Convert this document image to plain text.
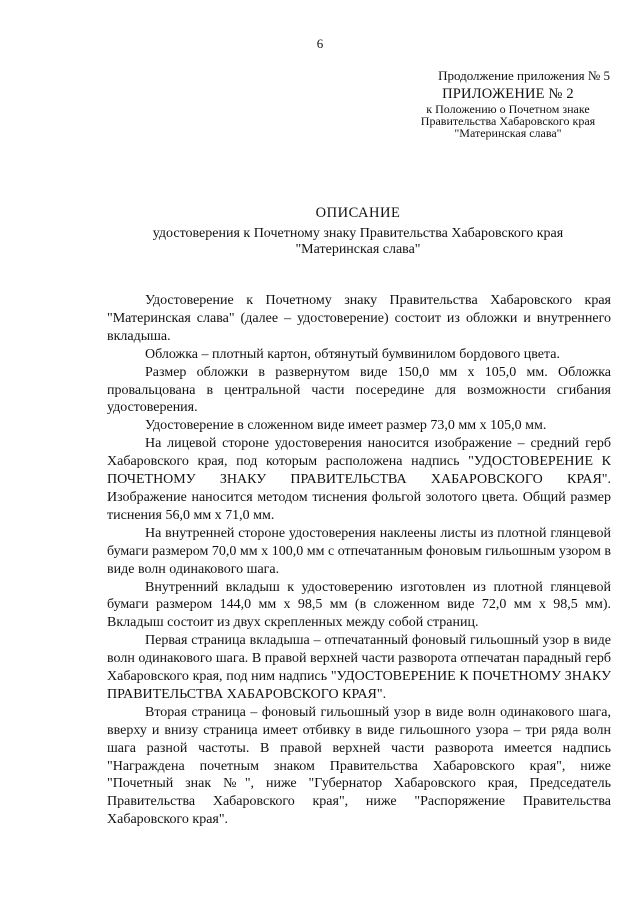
6
Продолжение приложения № 5
ПРИЛОЖЕНИЕ № 2
к Положению о Почетном знаке
Правительства Хабаровского края
"Материнская слава"
ОПИСАНИЕ
удостоверения к Почетному знаку Правительства Хабаровского края
"Материнская слава"

Удостоверение к Почетному знаку Правительства Хабаровского края "Материнская слава" (далее – удостоверение) состоит из обложки и внутреннего вкладыша.

Обложка – плотный картон, обтянутый бумвинилом бордового цвета.

Размер обложки в развернутом виде 150,0 мм х 105,0 мм. Обложка провальцована в центральной части посередине для возможности сгибания удостоверения.

Удостоверение в сложенном виде имеет размер 73,0 мм х 105,0 мм.

На лицевой стороне удостоверения наносится изображение – средний герб Хабаровского края, под которым расположена надпись "УДОСТОВЕРЕНИЕ К ПОЧЕТНОМУ ЗНАКУ ПРАВИТЕЛЬСТВА ХАБАРОВСКОГО КРАЯ". Изображение наносится методом тиснения фольгой золотого цвета. Общий размер тиснения 56,0 мм х 71,0 мм.

На внутренней стороне удостоверения наклеены листы из плотной глянцевой бумаги размером 70,0 мм х 100,0 мм с отпечатанным фоновым гильошным узором в виде волн одинакового шага.

Внутренний вкладыш к удостоверению изготовлен из плотной глянцевой бумаги размером 144,0 мм х 98,5 мм (в сложенном виде 72,0 мм х 98,5 мм). Вкладыш состоит из двух скрепленных между собой страниц.

Первая страница вкладыша – отпечатанный фоновый гильошный узор в виде волн одинакового шага. В правой верхней части разворота отпечатан парадный герб Хабаровского края, под ним надпись "УДОСТОВЕРЕНИЕ К ПОЧЕТНОМУ ЗНАКУ ПРАВИТЕЛЬСТВА ХАБАРОВСКОГО КРАЯ".

Вторая страница – фоновый гильошный узор в виде волн одинакового шага, вверху и внизу страница имеет отбивку в виде гильошного узора – три ряда волн шага разной частоты. В правой верхней части разворота имеется надпись "Награждена почетным знаком Правительства Хабаровского края", ниже "Почетный знак №", ниже "Губернатор Хабаровского края, Председатель Правительства Хабаровского края", ниже "Распоряжение Правительства Хабаровского края".
